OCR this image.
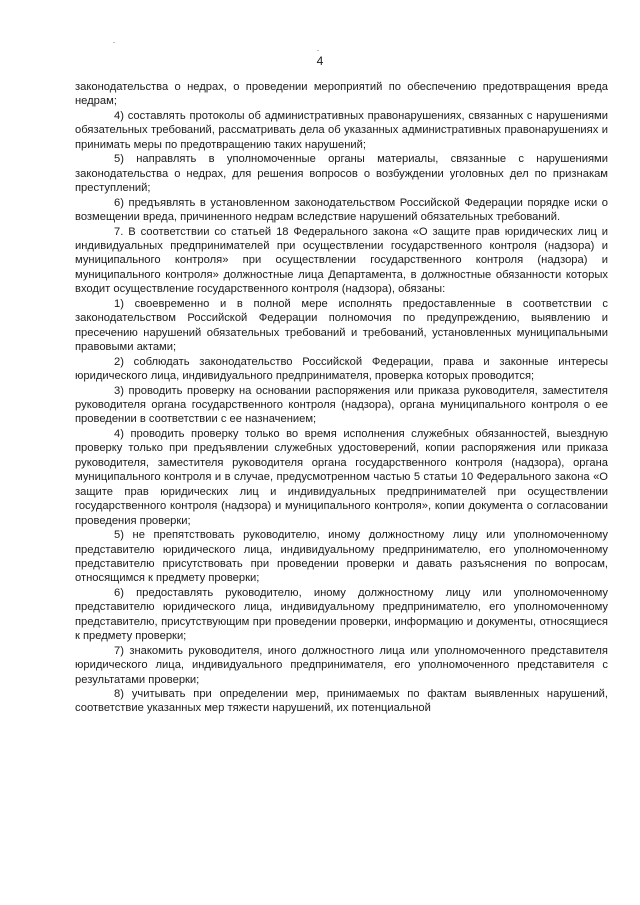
4

законодательства о недрах, о проведении мероприятий по обеспечению предотвращения вреда недрам;

4) составлять протоколы об административных правонарушениях, связанных с нарушениями обязательных требований, рассматривать дела об указанных административных правонарушениях и принимать меры по предотвращению таких нарушений;

5) направлять в уполномоченные органы материалы, связанные с нарушениями законодательства о недрах, для решения вопросов о возбуждении уголовных дел по признакам преступлений;

6) предъявлять в установленном законодательством Российской Федерации порядке иски о возмещении вреда, причиненного недрам вследствие нарушений обязательных требований.

7. В соответствии со статьей 18 Федерального закона «О защите прав юридических лиц и индивидуальных предпринимателей при осуществлении государственного контроля (надзора) и муниципального контроля» при осуществлении государственного контроля (надзора) и муниципального контроля» должностные лица Департамента, в должностные обязанности которых входит осуществление государственного контроля (надзора), обязаны:

1) своевременно и в полной мере исполнять предоставленные в соответствии с законодательством Российской Федерации полномочия по предупреждению, выявлению и пресечению нарушений обязательных требований и требований, установленных муниципальными правовыми актами;

2) соблюдать законодательство Российской Федерации, права и законные интересы юридического лица, индивидуального предпринимателя, проверка которых проводится;

3) проводить проверку на основании распоряжения или приказа руководителя, заместителя руководителя органа государственного контроля (надзора), органа муниципального контроля о ее проведении в соответствии с ее назначением;

4) проводить проверку только во время исполнения служебных обязанностей, выездную проверку только при предъявлении служебных удостоверений, копии распоряжения или приказа руководителя, заместителя руководителя органа государственного контроля (надзора), органа муниципального контроля и в случае, предусмотренном частью 5 статьи 10 Федерального закона «О защите прав юридических лиц и индивидуальных предпринимателей при осуществлении государственного контроля (надзора) и муниципального контроля», копии документа о согласовании проведения проверки;

5) не препятствовать руководителю, иному должностному лицу или уполномоченному представителю юридического лица, индивидуальному предпринимателю, его уполномоченному представителю присутствовать при проведении проверки и давать разъяснения по вопросам, относящимся к предмету проверки;

6) предоставлять руководителю, иному должностному лицу или уполномоченному представителю юридического лица, индивидуальному предпринимателю, его уполномоченному представителю, присутствующим при проведении проверки, информацию и документы, относящиеся к предмету проверки;

7) знакомить руководителя, иного должностного лица или уполномоченного представителя юридического лица, индивидуального предпринимателя, его уполномоченного представителя с результатами проверки;

8) учитывать при определении мер, принимаемых по фактам выявленных нарушений, соответствие указанных мер тяжести нарушений, их потенциальной
